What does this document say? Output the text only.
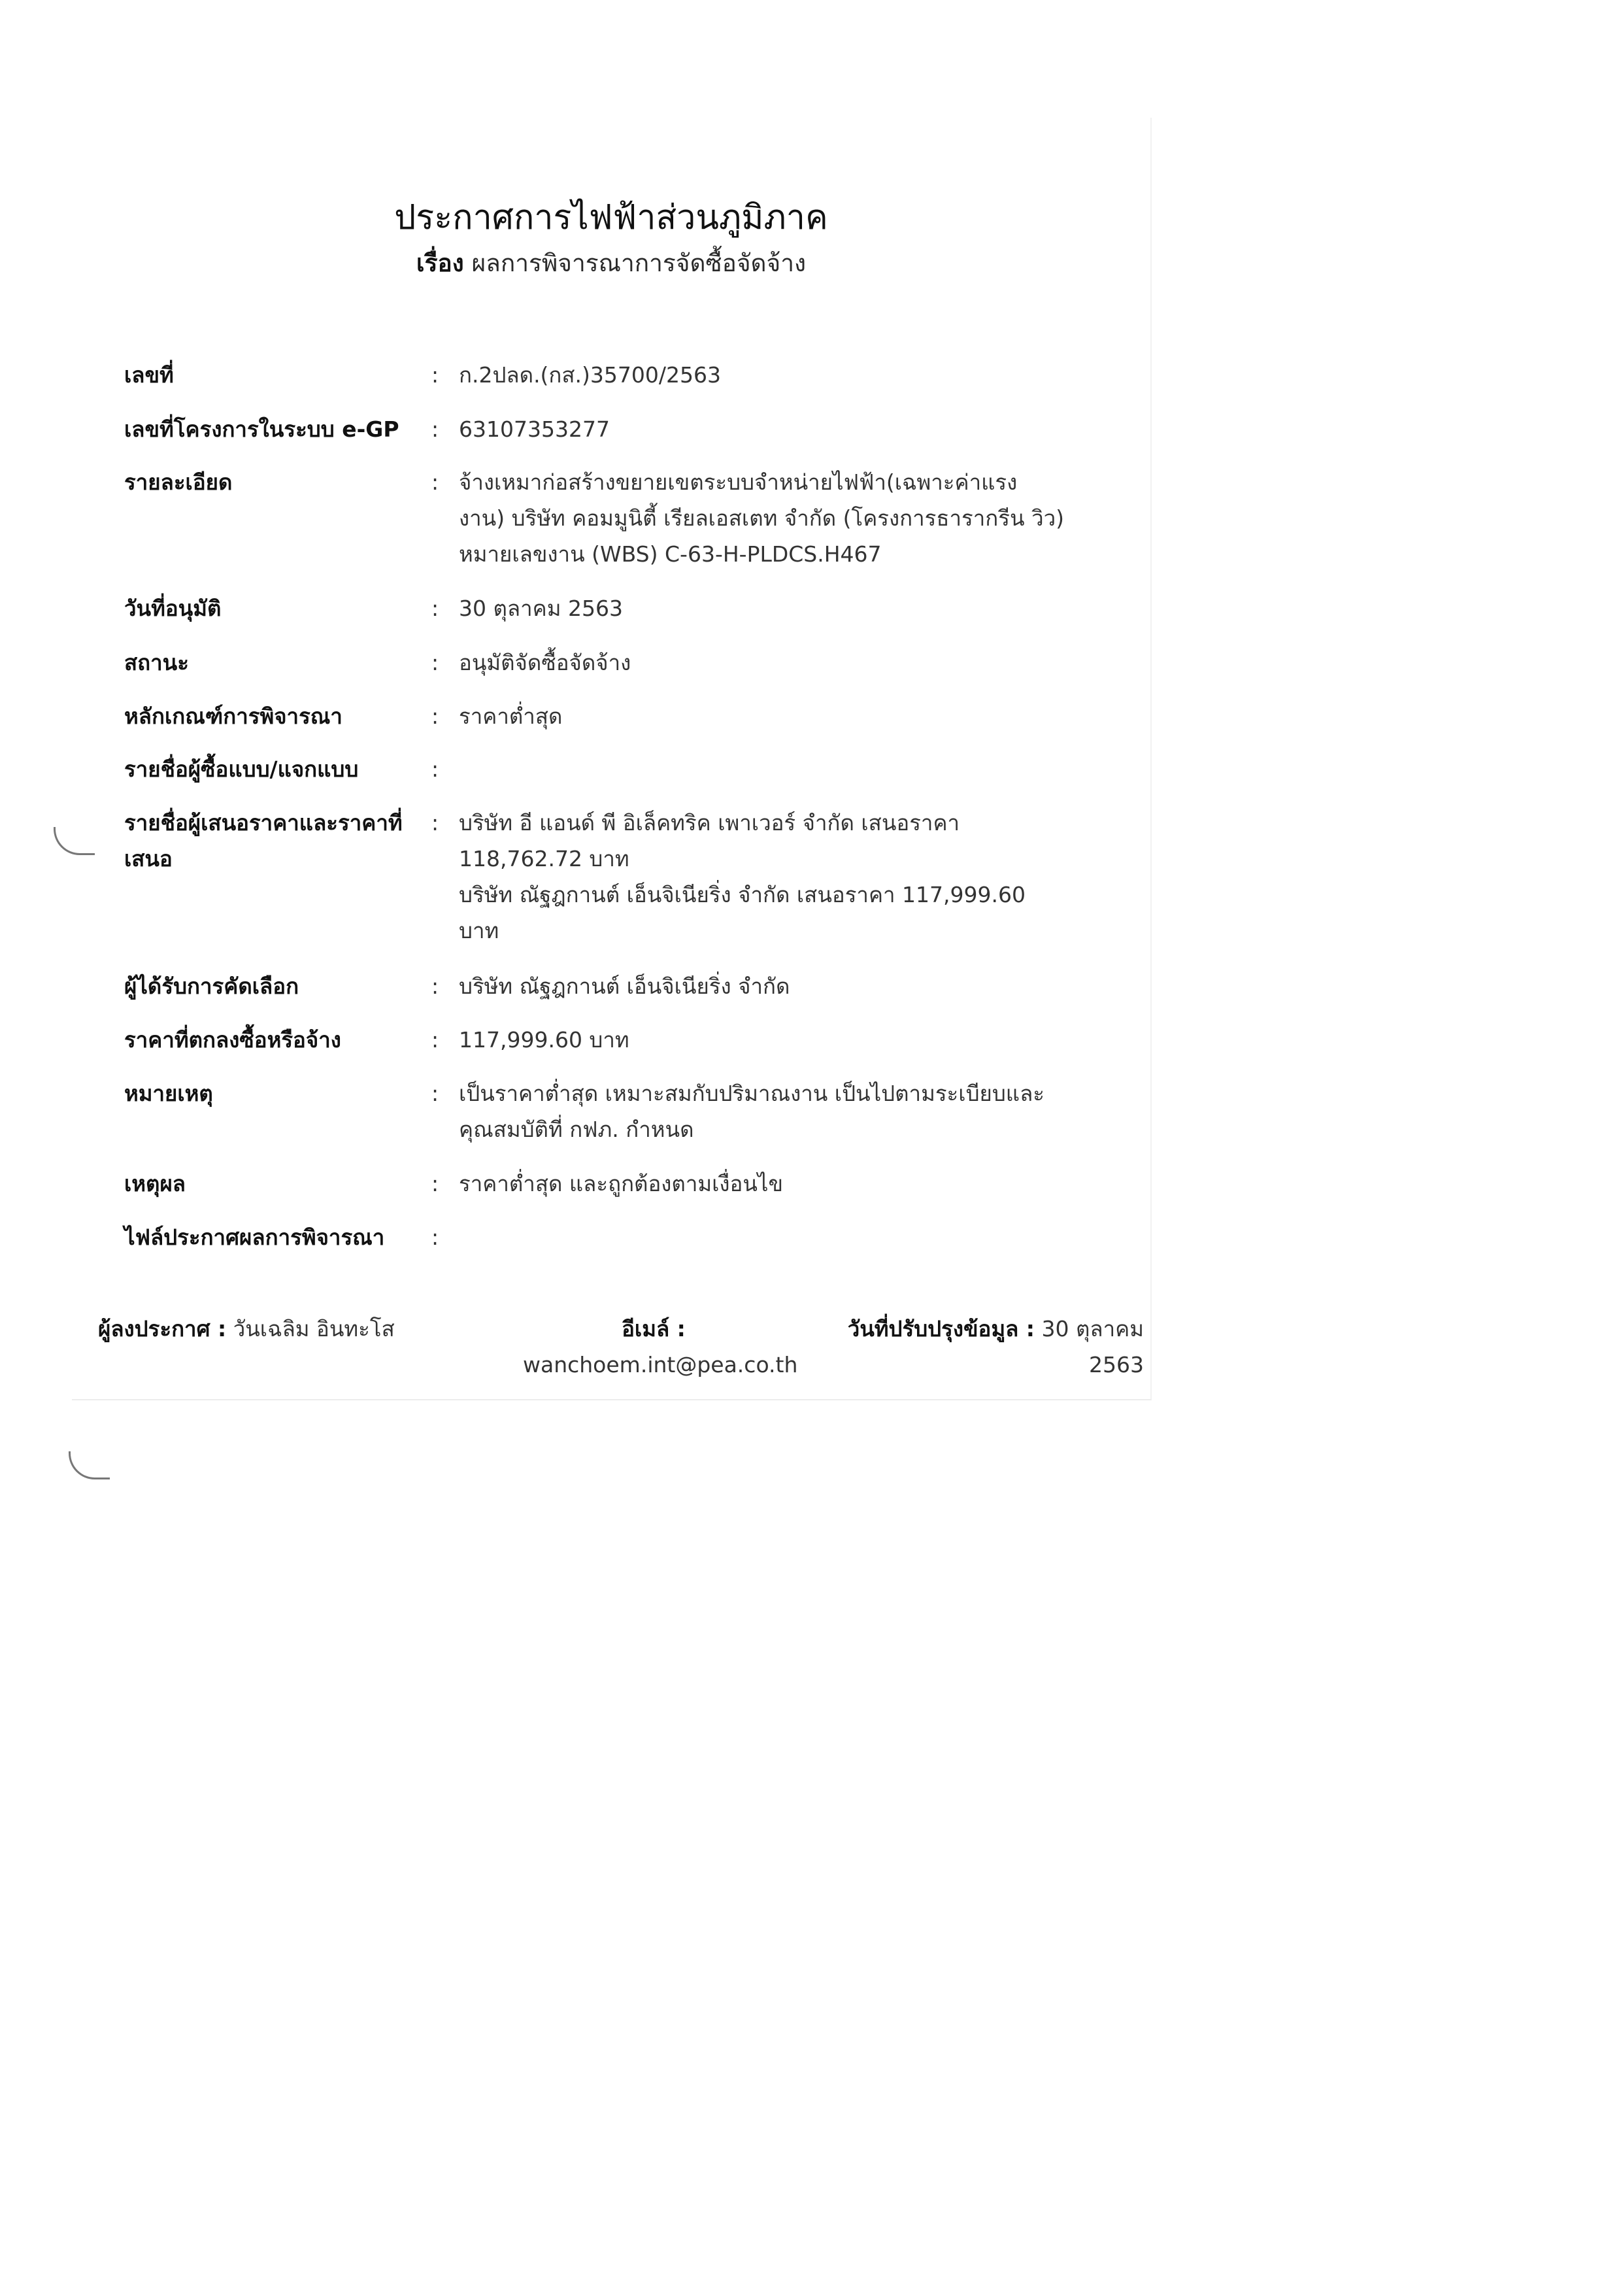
ประกาศการไฟฟ้าส่วนภูมิภาค
เรื่อง ผลการพิจารณาการจัดซื้อจัดจ้าง
เลขที่	: ก.2ปลด.(กส.)35700/2563
เลขที่โครงการในระบบ e-GP	: 63107353277
รายละเอียด	: จ้างเหมาก่อสร้างขยายเขตระบบจำหน่ายไฟฟ้า(เฉพาะค่าแรง
งาน) บริษัท คอมมูนิตี้ เรียลเอสเตท จำกัด (โครงการธารากรีน วิว)
หมายเลขงาน (WBS) C-63-H-PLDCS.H467
วันที่อนุมัติ	: 30 ตุลาคม 2563
สถานะ	: อนุมัติจัดซื้อจัดจ้าง
หลักเกณฑ์การพิจารณา	: ราคาต่ำสุด
รายชื่อผู้ซื้อแบบ/แจกแบบ	:
รายชื่อผู้เสนอราคาและราคาที่
เสนอ
: บริษัท อี แอนด์ พี อิเล็คทริค เพาเวอร์ จำกัด เสนอราคา
118,762.72 บาท
บริษัท ณัฐฎกานต์ เอ็นจิเนียริ่ง จำกัด เสนอราคา 117,999.60
บาท
ผู้ได้รับการคัดเลือก	: บริษัท ณัฐฎกานต์ เอ็นจิเนียริ่ง จำกัด
ราคาที่ตกลงซื้อหรือจ้าง	: 117,999.60 บาท
หมายเหตุ	: เป็นราคาต่ำสุด เหมาะสมกับปริมาณงาน เป็นไปตามระเบียบและ
คุณสมบัติที่ กฟภ. กำหนด
เหตุผล	: ราคาต่ำสุด และถูกต้องตามเงื่อนไข
ไฟล์ประกาศผลการพิจารณา	:
ผู้ลงประกาศ : วันเฉลิม อินทะโส	อีเมล์ :
wanchoem.int@pea.co.th
วันที่ปรับปรุงข้อมูล : 30 ตุลาคม
2563
